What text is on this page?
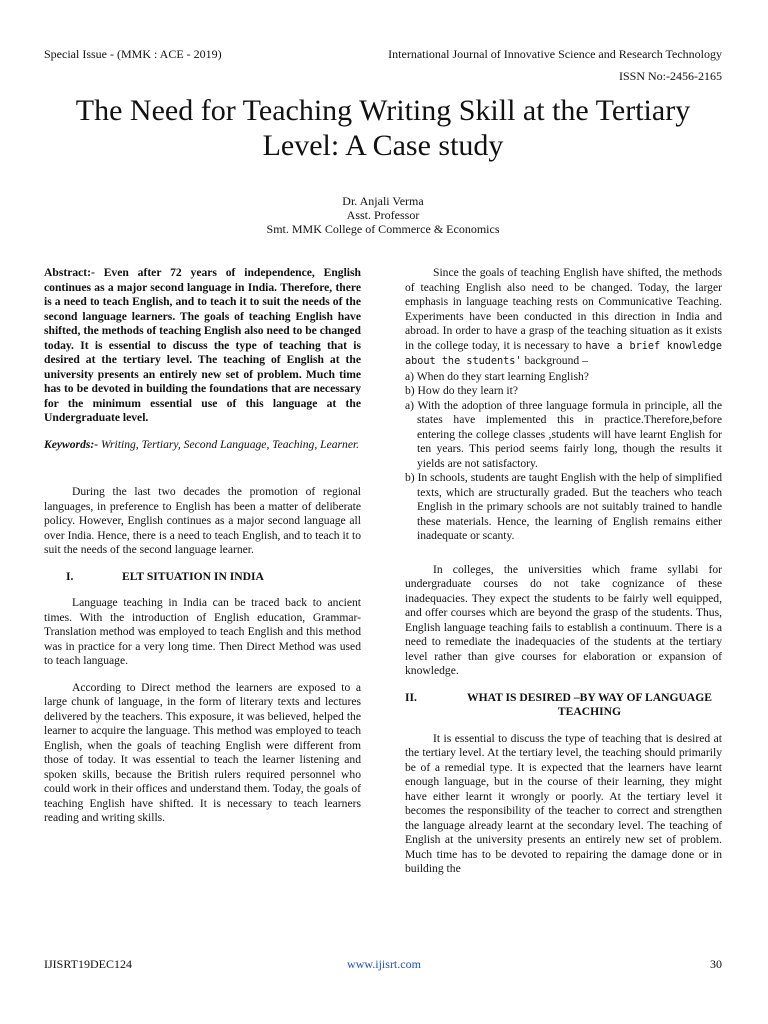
Special Issue - (MMK : ACE - 2019)	International Journal of Innovative Science and Research Technology
ISSN No:-2456-2165
The Need for Teaching Writing Skill at the Tertiary Level: A Case study
Dr. Anjali Verma
Asst. Professor
Smt. MMK College of Commerce & Economics

Abstract:- Even after 72 years of independence, English continues as a major second language in India. Therefore, there is a need to teach English, and to teach it to suit the needs of the second language learners. The goals of teaching English have shifted, the methods of teaching English also need to be changed today. It is essential to discuss the type of teaching that is desired at the tertiary level. The teaching of English at the university presents an entirely new set of problem. Much time has to be devoted in building the foundations that are necessary for the minimum essential use of this language at the Undergraduate level.

Keywords:- Writing, Tertiary, Second Language, Teaching, Learner.

During the last two decades the promotion of regional languages, in preference to English has been a matter of deliberate policy. However, English continues as a major second language all over India. Hence, there is a need to teach English, and to teach it to suit the needs of the second language learner.

I.	ELT SITUATION IN INDIA

Language teaching in India can be traced back to ancient times. With the introduction of English education, Grammar-Translation method was employed to teach English and this method was in practice for a very long time. Then Direct Method was used to teach language.

According to Direct method the learners are exposed to a large chunk of language, in the form of literary texts and lectures delivered by the teachers. This exposure, it was believed, helped the learner to acquire the language. This method was employed to teach English, when the goals of teaching English were different from those of today. It was essential to teach the learner listening and spoken skills, because the British rulers required personnel who could work in their offices and understand them. Today, the goals of teaching English have shifted. It is necessary to teach learners reading and writing skills.

Since the goals of teaching English have shifted, the methods of teaching English also need to be changed. Today, the larger emphasis in language teaching rests on Communicative Teaching. Experiments have been conducted in this direction in India and abroad. In order to have a grasp of the teaching situation as it exists in the college today, it is necessary to have a brief knowledge about the students' background –

a) When do they start learning English?

b) How do they learn it?

a) With the adoption of three language formula in principle, all the states have implemented this in practice.Therefore,before entering the college classes ,students will have learnt English for ten years. This period seems fairly long, though the results it yields are not satisfactory.

b) In schools, students are taught English with the help of simplified texts, which are structurally graded. But the teachers who teach English in the primary schools are not suitably trained to handle these materials. Hence, the learning of English remains either inadequate or scanty.

In colleges, the universities which frame syllabi for undergraduate courses do not take cognizance of these inadequacies. They expect the students to be fairly well equipped, and offer courses which are beyond the grasp of the students. Thus, English language teaching fails to establish a continuum. There is a need to remediate the inadequacies of the students at the tertiary level rather than give courses for elaboration or expansion of knowledge.

II.	WHAT IS DESIRED –BY WAY OF LANGUAGE TEACHING

It is essential to discuss the type of teaching that is desired at the tertiary level. At the tertiary level, the teaching should primarily be of a remedial type. It is expected that the learners have learnt enough language, but in the course of their learning, they might have either learnt it wrongly or poorly. At the tertiary level it becomes the responsibility of the teacher to correct and strengthen the language already learnt at the secondary level. The teaching of English at the university presents an entirely new set of problem. Much time has to be devoted to repairing the damage done or in building the

IJISRT19DEC124	www.ijisrt.com	30
